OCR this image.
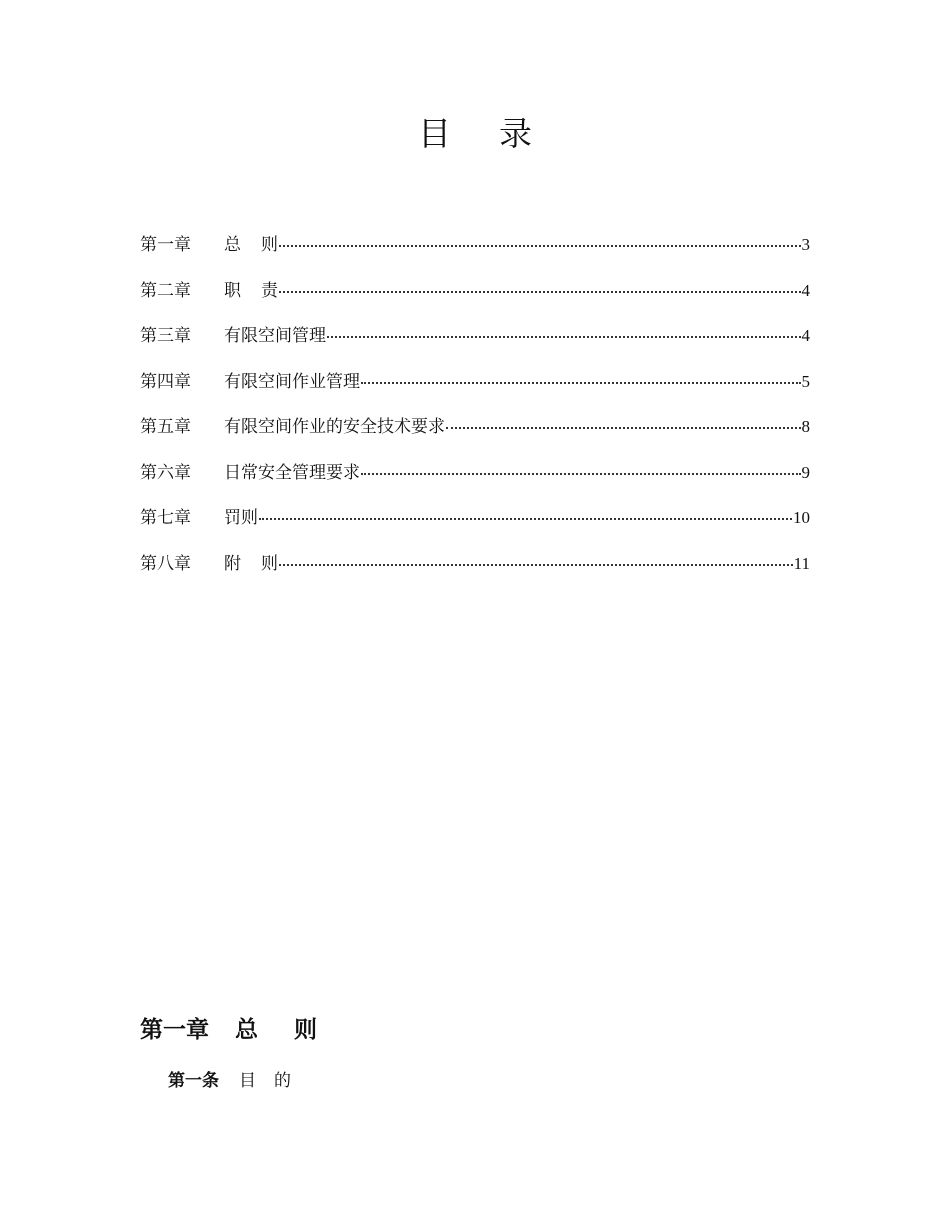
目 录
第一章	总 则	3
第二章	职 责	4
第三章	有限空间管理	4
第四章	有限空间作业管理	5
第五章	有限空间作业的安全技术要求	8
第六章	日常安全管理要求	9
第七章	罚则	10
第八章	附 则	11
第一章 总 则
第一条 目 的
